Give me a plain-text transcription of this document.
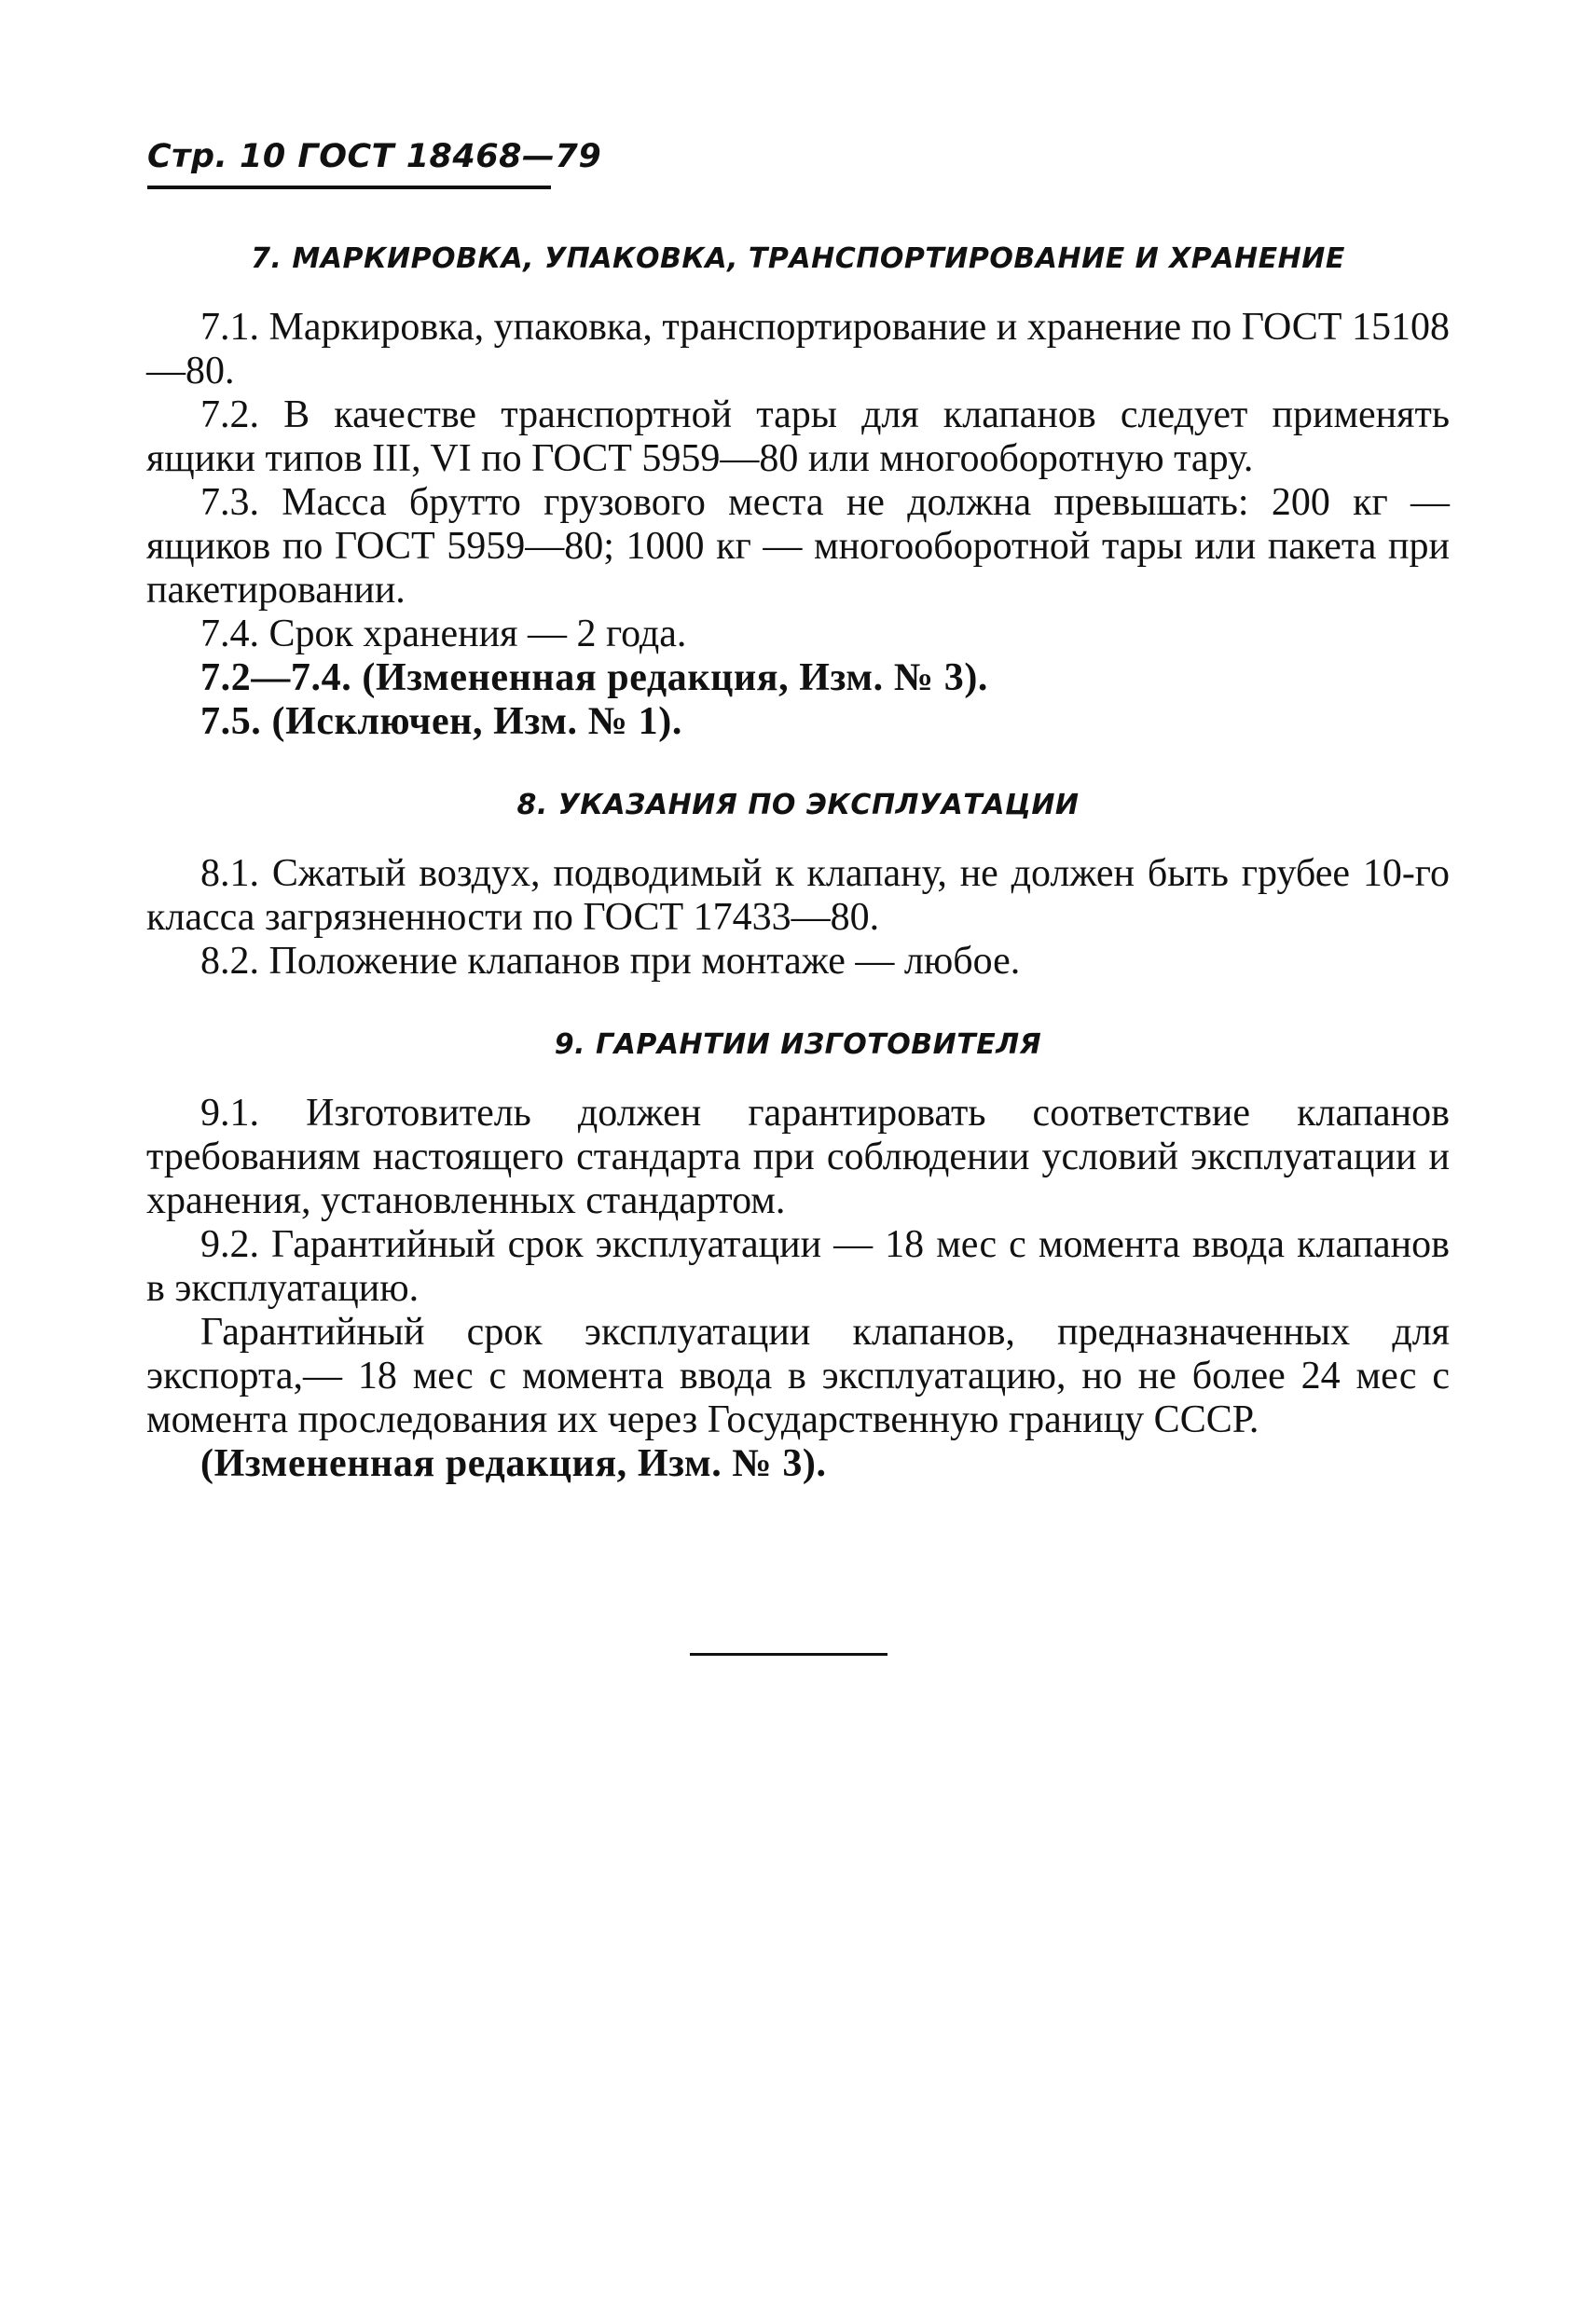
Стр. 10 ГОСТ 18468—79
7. МАРКИРОВКА, УПАКОВКА, ТРАНСПОРТИРОВАНИЕ И ХРАНЕНИЕ

7.1. Маркировка, упаковка, транспортирование и хранение по ГОСТ 15108—80.

7.2. В качестве транспортной тары для клапанов следует применять ящики типов III, VI по ГОСТ 5959—80 или многооборотную тару.

7.3. Масса брутто грузового места не должна превышать: 200 кг — ящиков по ГОСТ 5959—80; 1000 кг — многооборотной тары или пакета при пакетировании.

7.4. Срок хранения — 2 года.

7.2—7.4. (Измененная редакция, Изм. № 3).

7.5. (Исключен, Изм. № 1).

8. УКАЗАНИЯ ПО ЭКСПЛУАТАЦИИ

8.1. Сжатый воздух, подводимый к клапану, не должен быть грубее 10-го класса загрязненности по ГОСТ 17433—80.

8.2. Положение клапанов при монтаже — любое.

9. ГАРАНТИИ ИЗГОТОВИТЕЛЯ

9.1. Изготовитель должен гарантировать соответствие клапанов требованиям настоящего стандарта при соблюдении условий эксплуатации и хранения, установленных стандартом.

9.2. Гарантийный срок эксплуатации — 18 мес с момента ввода клапанов в эксплуатацию.

Гарантийный срок эксплуатации клапанов, предназначенных для экспорта,— 18 мес с момента ввода в эксплуатацию, но не более 24 мес с момента проследования их через Государственную границу СССР.

(Измененная редакция, Изм. № 3).
